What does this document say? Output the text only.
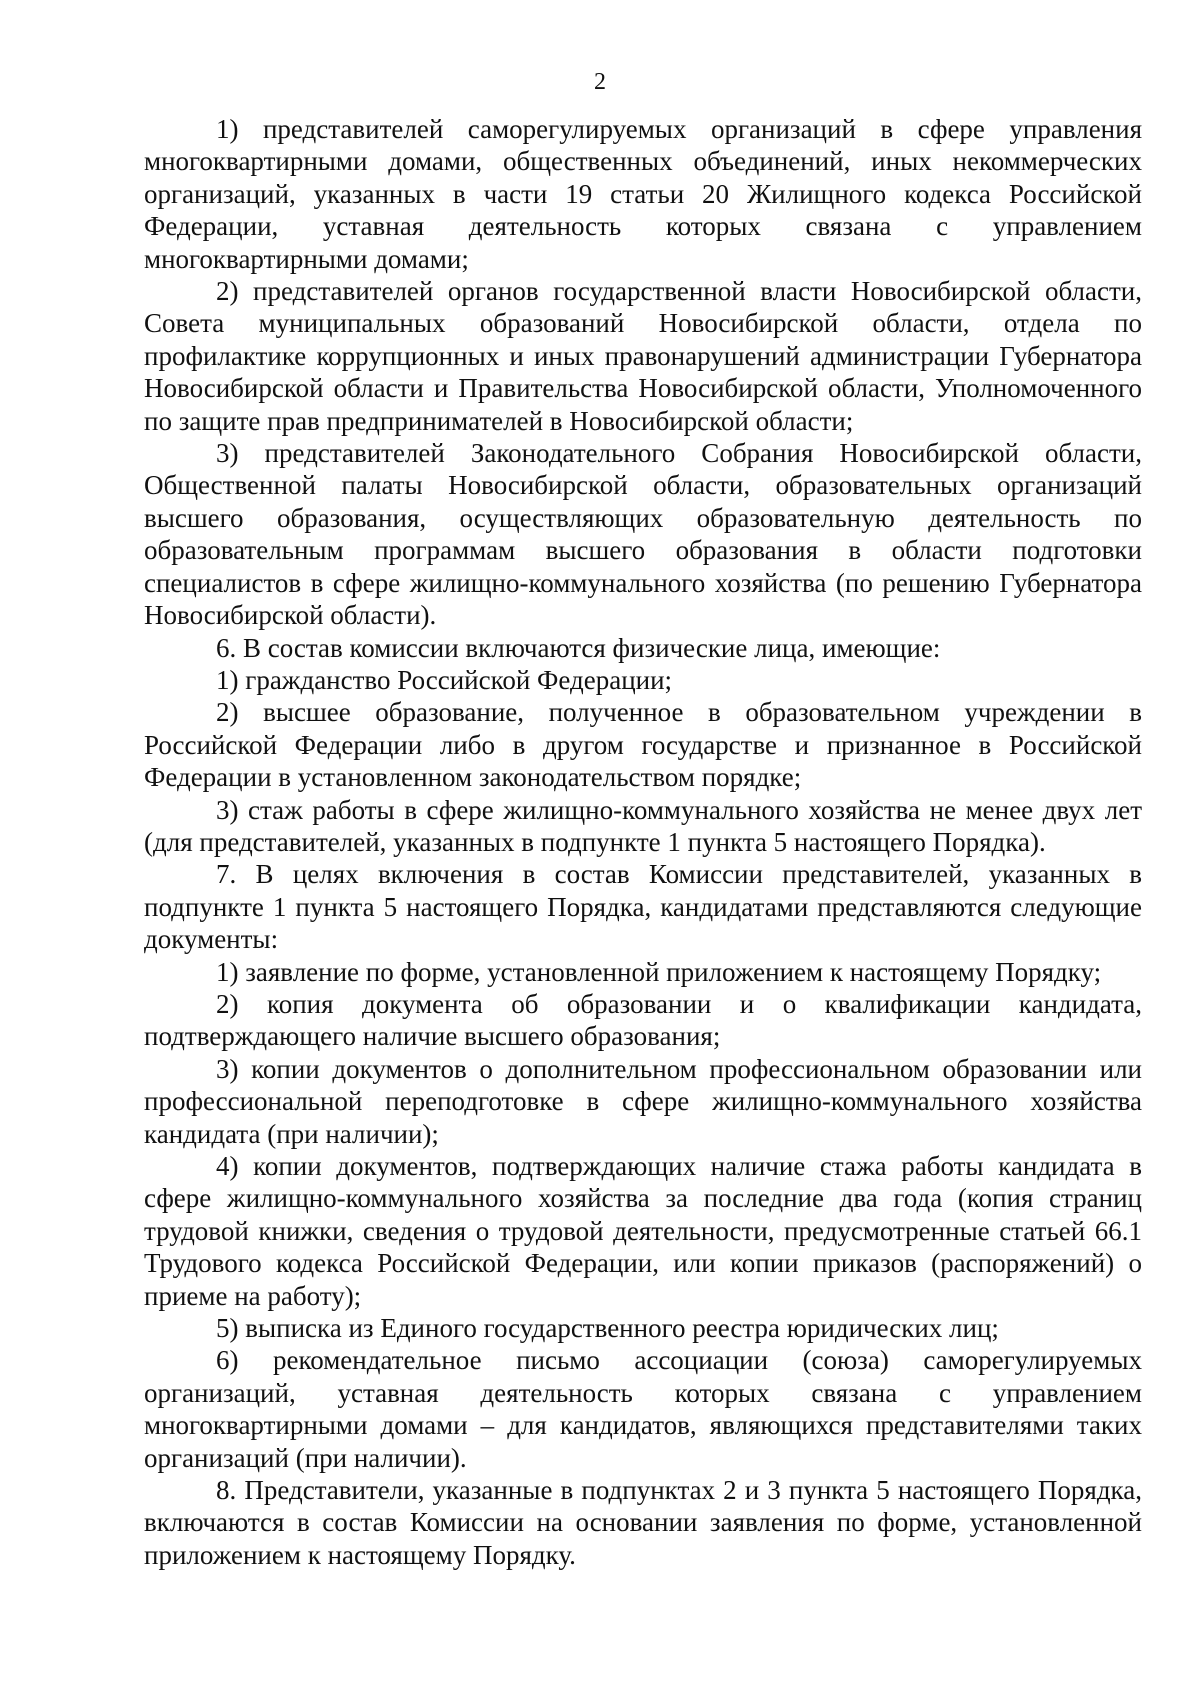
2

1) представителей саморегулируемых организаций в сфере управления многоквартирными домами, общественных объединений, иных некоммерческих организаций, указанных в части 19 статьи 20 Жилищного кодекса Российской Федерации, уставная деятельность которых связана с управлением многоквартирными домами;

2) представителей органов государственной власти Новосибирской области, Совета муниципальных образований Новосибирской области, отдела по профилактике коррупционных и иных правонарушений администрации Губернатора Новосибирской области и Правительства Новосибирской области, Уполномоченного по защите прав предпринимателей в Новосибирской области;

3) представителей Законодательного Собрания Новосибирской области, Общественной палаты Новосибирской области, образовательных организаций высшего образования, осуществляющих образовательную деятельность по образовательным программам высшего образования в области подготовки специалистов в сфере жилищно-коммунального хозяйства (по решению Губернатора Новосибирской области).

6. В состав комиссии включаются физические лица, имеющие:

1) гражданство Российской Федерации;

2) высшее образование, полученное в образовательном учреждении в Российской Федерации либо в другом государстве и признанное в Российской Федерации в установленном законодательством порядке;

3) стаж работы в сфере жилищно-коммунального хозяйства не менее двух лет (для представителей, указанных в подпункте 1 пункта 5 настоящего Порядка).

7. В целях включения в состав Комиссии представителей, указанных в подпункте 1 пункта 5 настоящего Порядка, кандидатами представляются следующие документы:

1) заявление по форме, установленной приложением к настоящему Порядку;

2) копия документа об образовании и о квалификации кандидата, подтверждающего наличие высшего образования;

3) копии документов о дополнительном профессиональном образовании или профессиональной переподготовке в сфере жилищно-коммунального хозяйства кандидата (при наличии);

4) копии документов, подтверждающих наличие стажа работы кандидата в сфере жилищно-коммунального хозяйства за последние два года (копия страниц трудовой книжки, сведения о трудовой деятельности, предусмотренные статьей 66.1 Трудового кодекса Российской Федерации, или копии приказов (распоряжений) о приеме на работу);

5) выписка из Единого государственного реестра юридических лиц;

6) рекомендательное письмо ассоциации (союза) саморегулируемых организаций, уставная деятельность которых связана с управлением многоквартирными домами – для кандидатов, являющихся представителями таких организаций (при наличии).

8. Представители, указанные в подпунктах 2 и 3 пункта 5 настоящего Порядка, включаются в состав Комиссии на основании заявления по форме, установленной приложением к настоящему Порядку.
